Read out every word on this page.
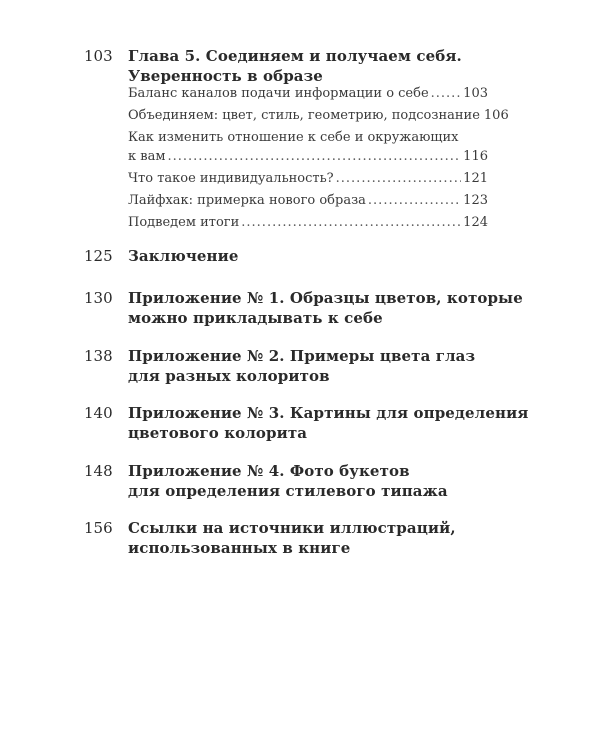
103 Глава 5. Соединяем и получаем себя.
Уверенность в образе
Баланс каналов подачи информации о себе .....	103
Объединяем: цвет, стиль, геометрию, подсознание 106
Как изменить отношение к себе и окружающих
к вам .....	116
Что такое индивидуальность? .....	121
Лайфхак: примерка нового образа .....	123
Подведем итоги .....	124
125 Заключение
130 Приложение № 1. Образцы цветов, которые
можно прикладывать к себе
138 Приложение № 2. Примеры цвета глаз
для разных колоритов
140 Приложение № 3. Картины для определения
цветового колорита
148 Приложение № 4. Фото букетов
для определения стилевого типажа
156 Ссылки на источники иллюстраций,
использованных в книге
